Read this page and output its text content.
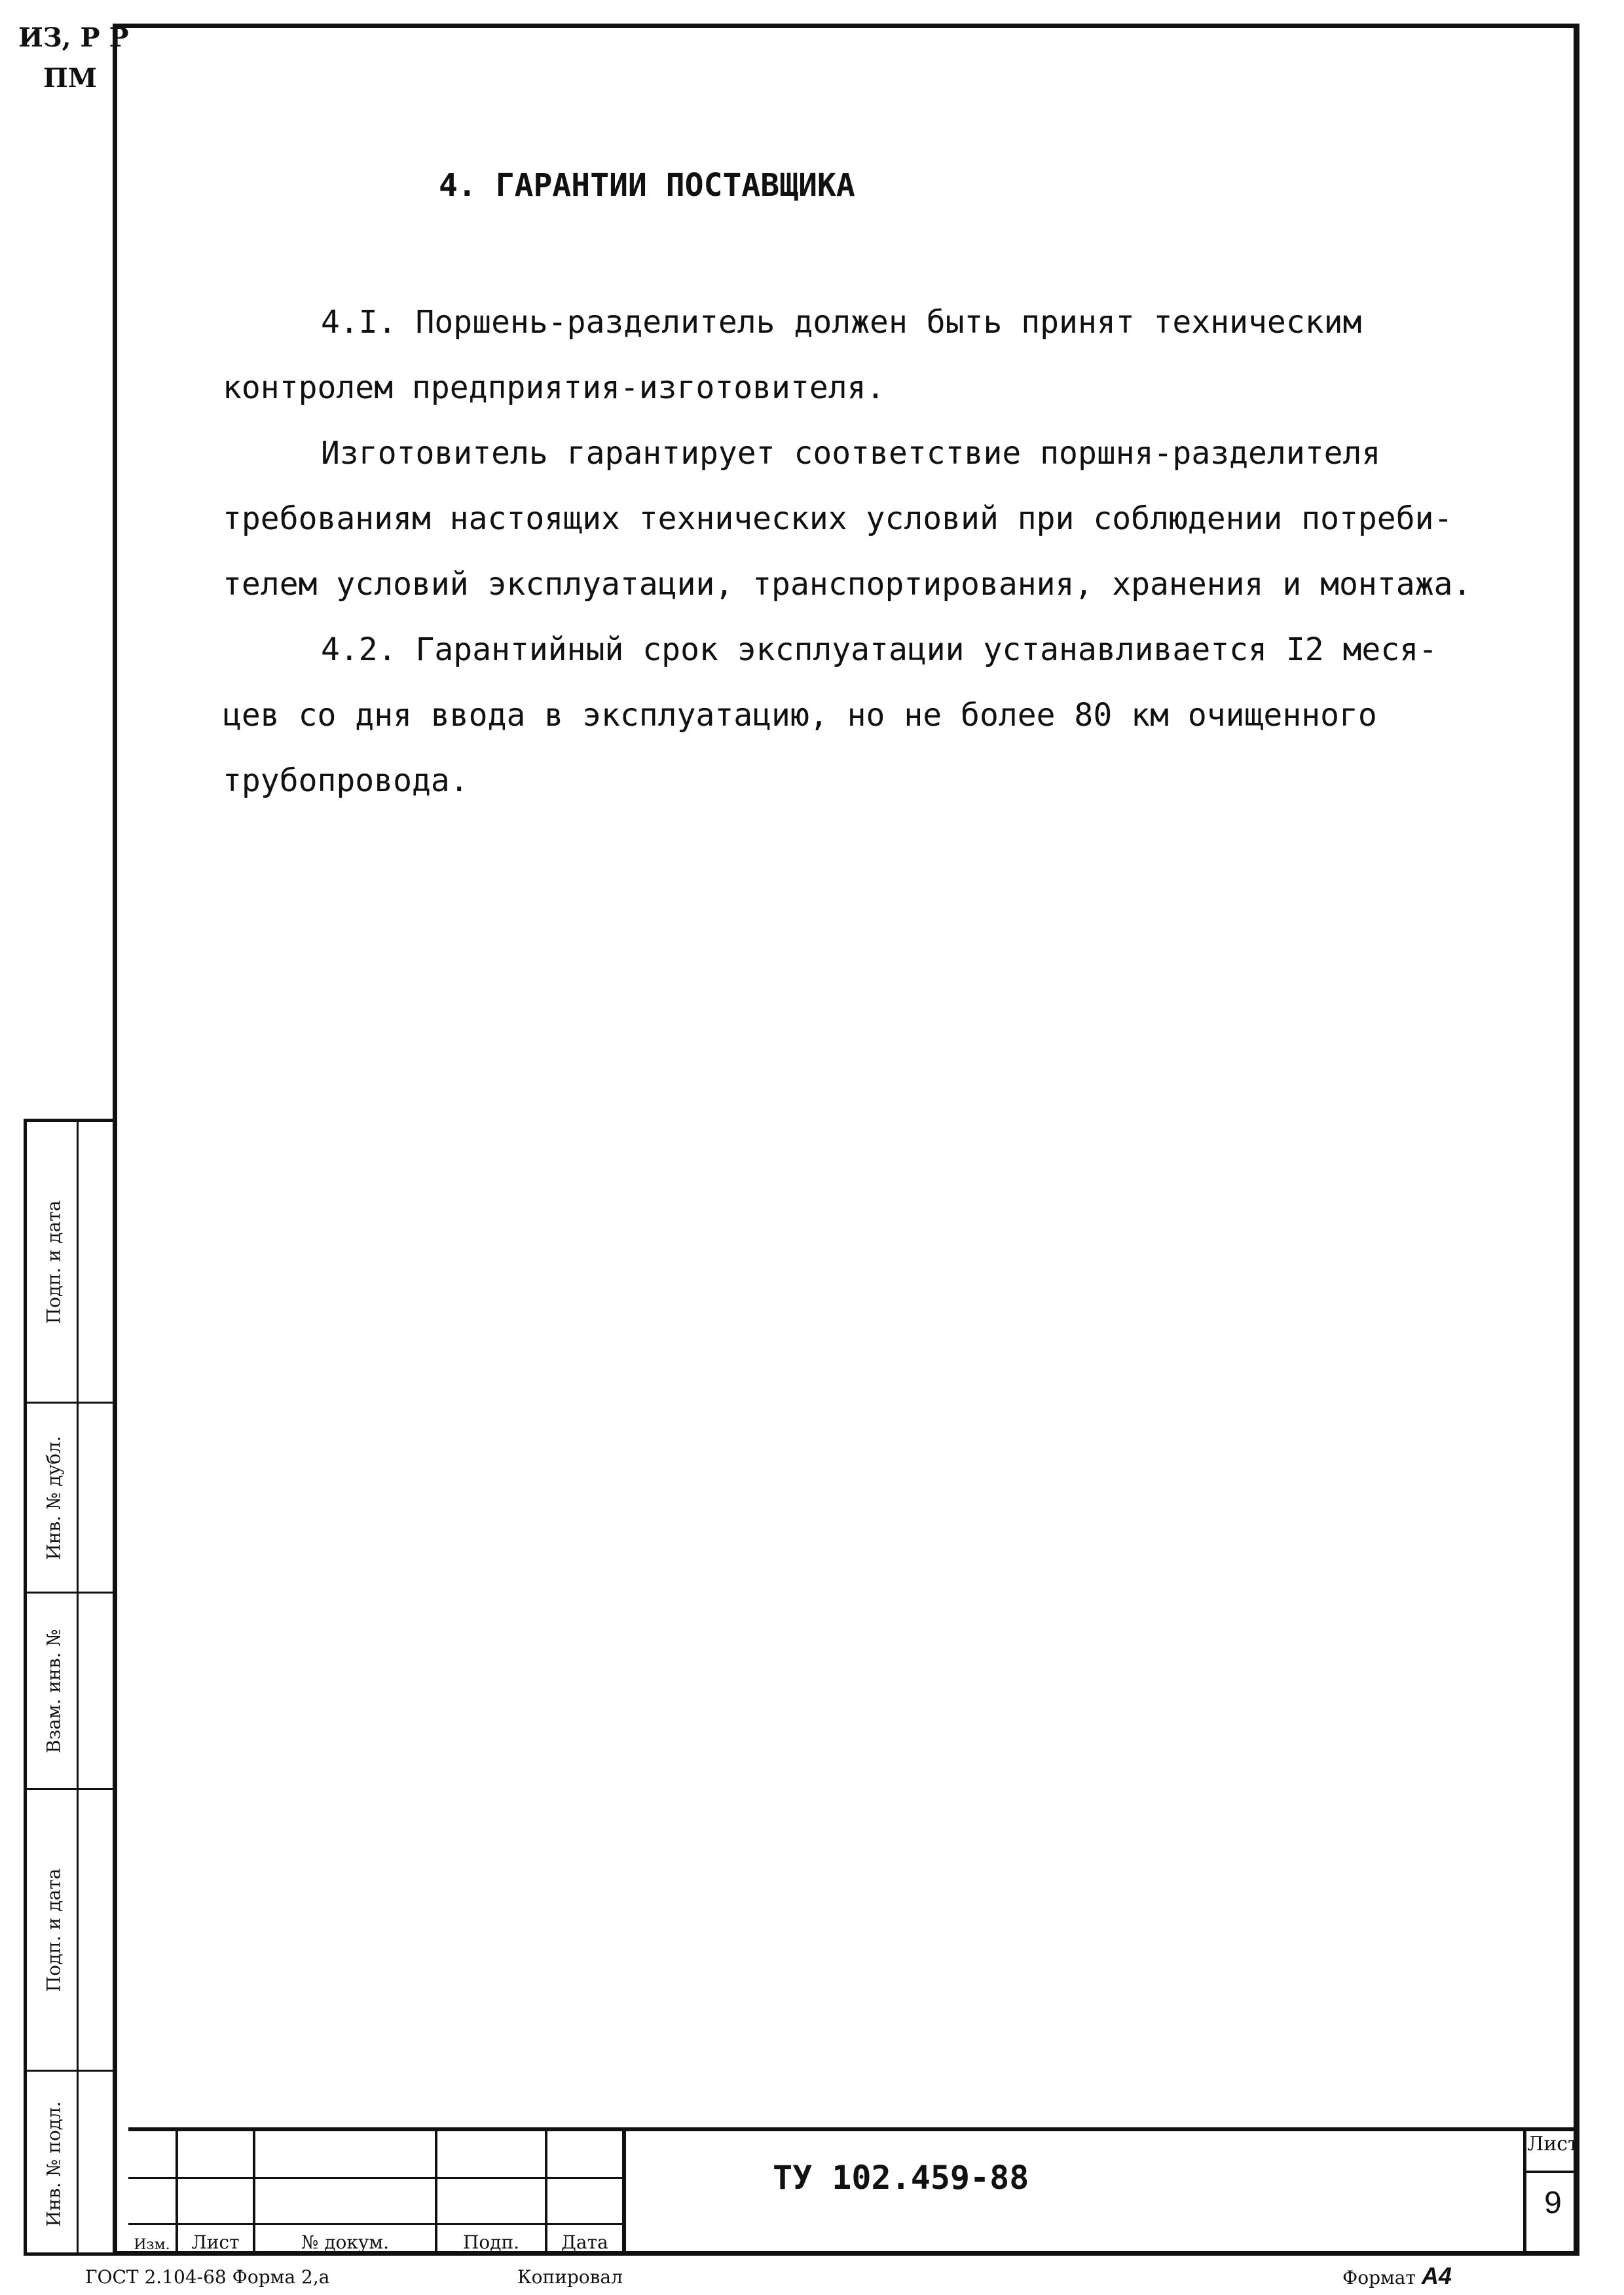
ИЗ, Р Р
ПМ
4. ГАРАНТИИ ПОСТАВЩИКА

4.I. Поршень-разделитель должен быть принят техническим

контролем предприятия-изготовителя.

Изготовитель гарантирует соответствие поршня-разделителя

требованиям настоящих технических условий при соблюдении потреби-

телем условий эксплуатации, транспортирования, хранения и монтажа.

4.2. Гарантийный срок эксплуатации устанавливается I2 меся-

цев со дня ввода в эксплуатацию, но не более 80 км очищенного

трубопровода.

Подп. и дата
Инв. № дубл.
Взам. инв. №
Подп. и дата
Инв. № подл.
Изм.	Лист	№ докум.	Подп.	Дата
ТУ 102.459-88
Лист
9
ГОСТ 2.104-68 Форма 2,а	Копировал	Формат А4
